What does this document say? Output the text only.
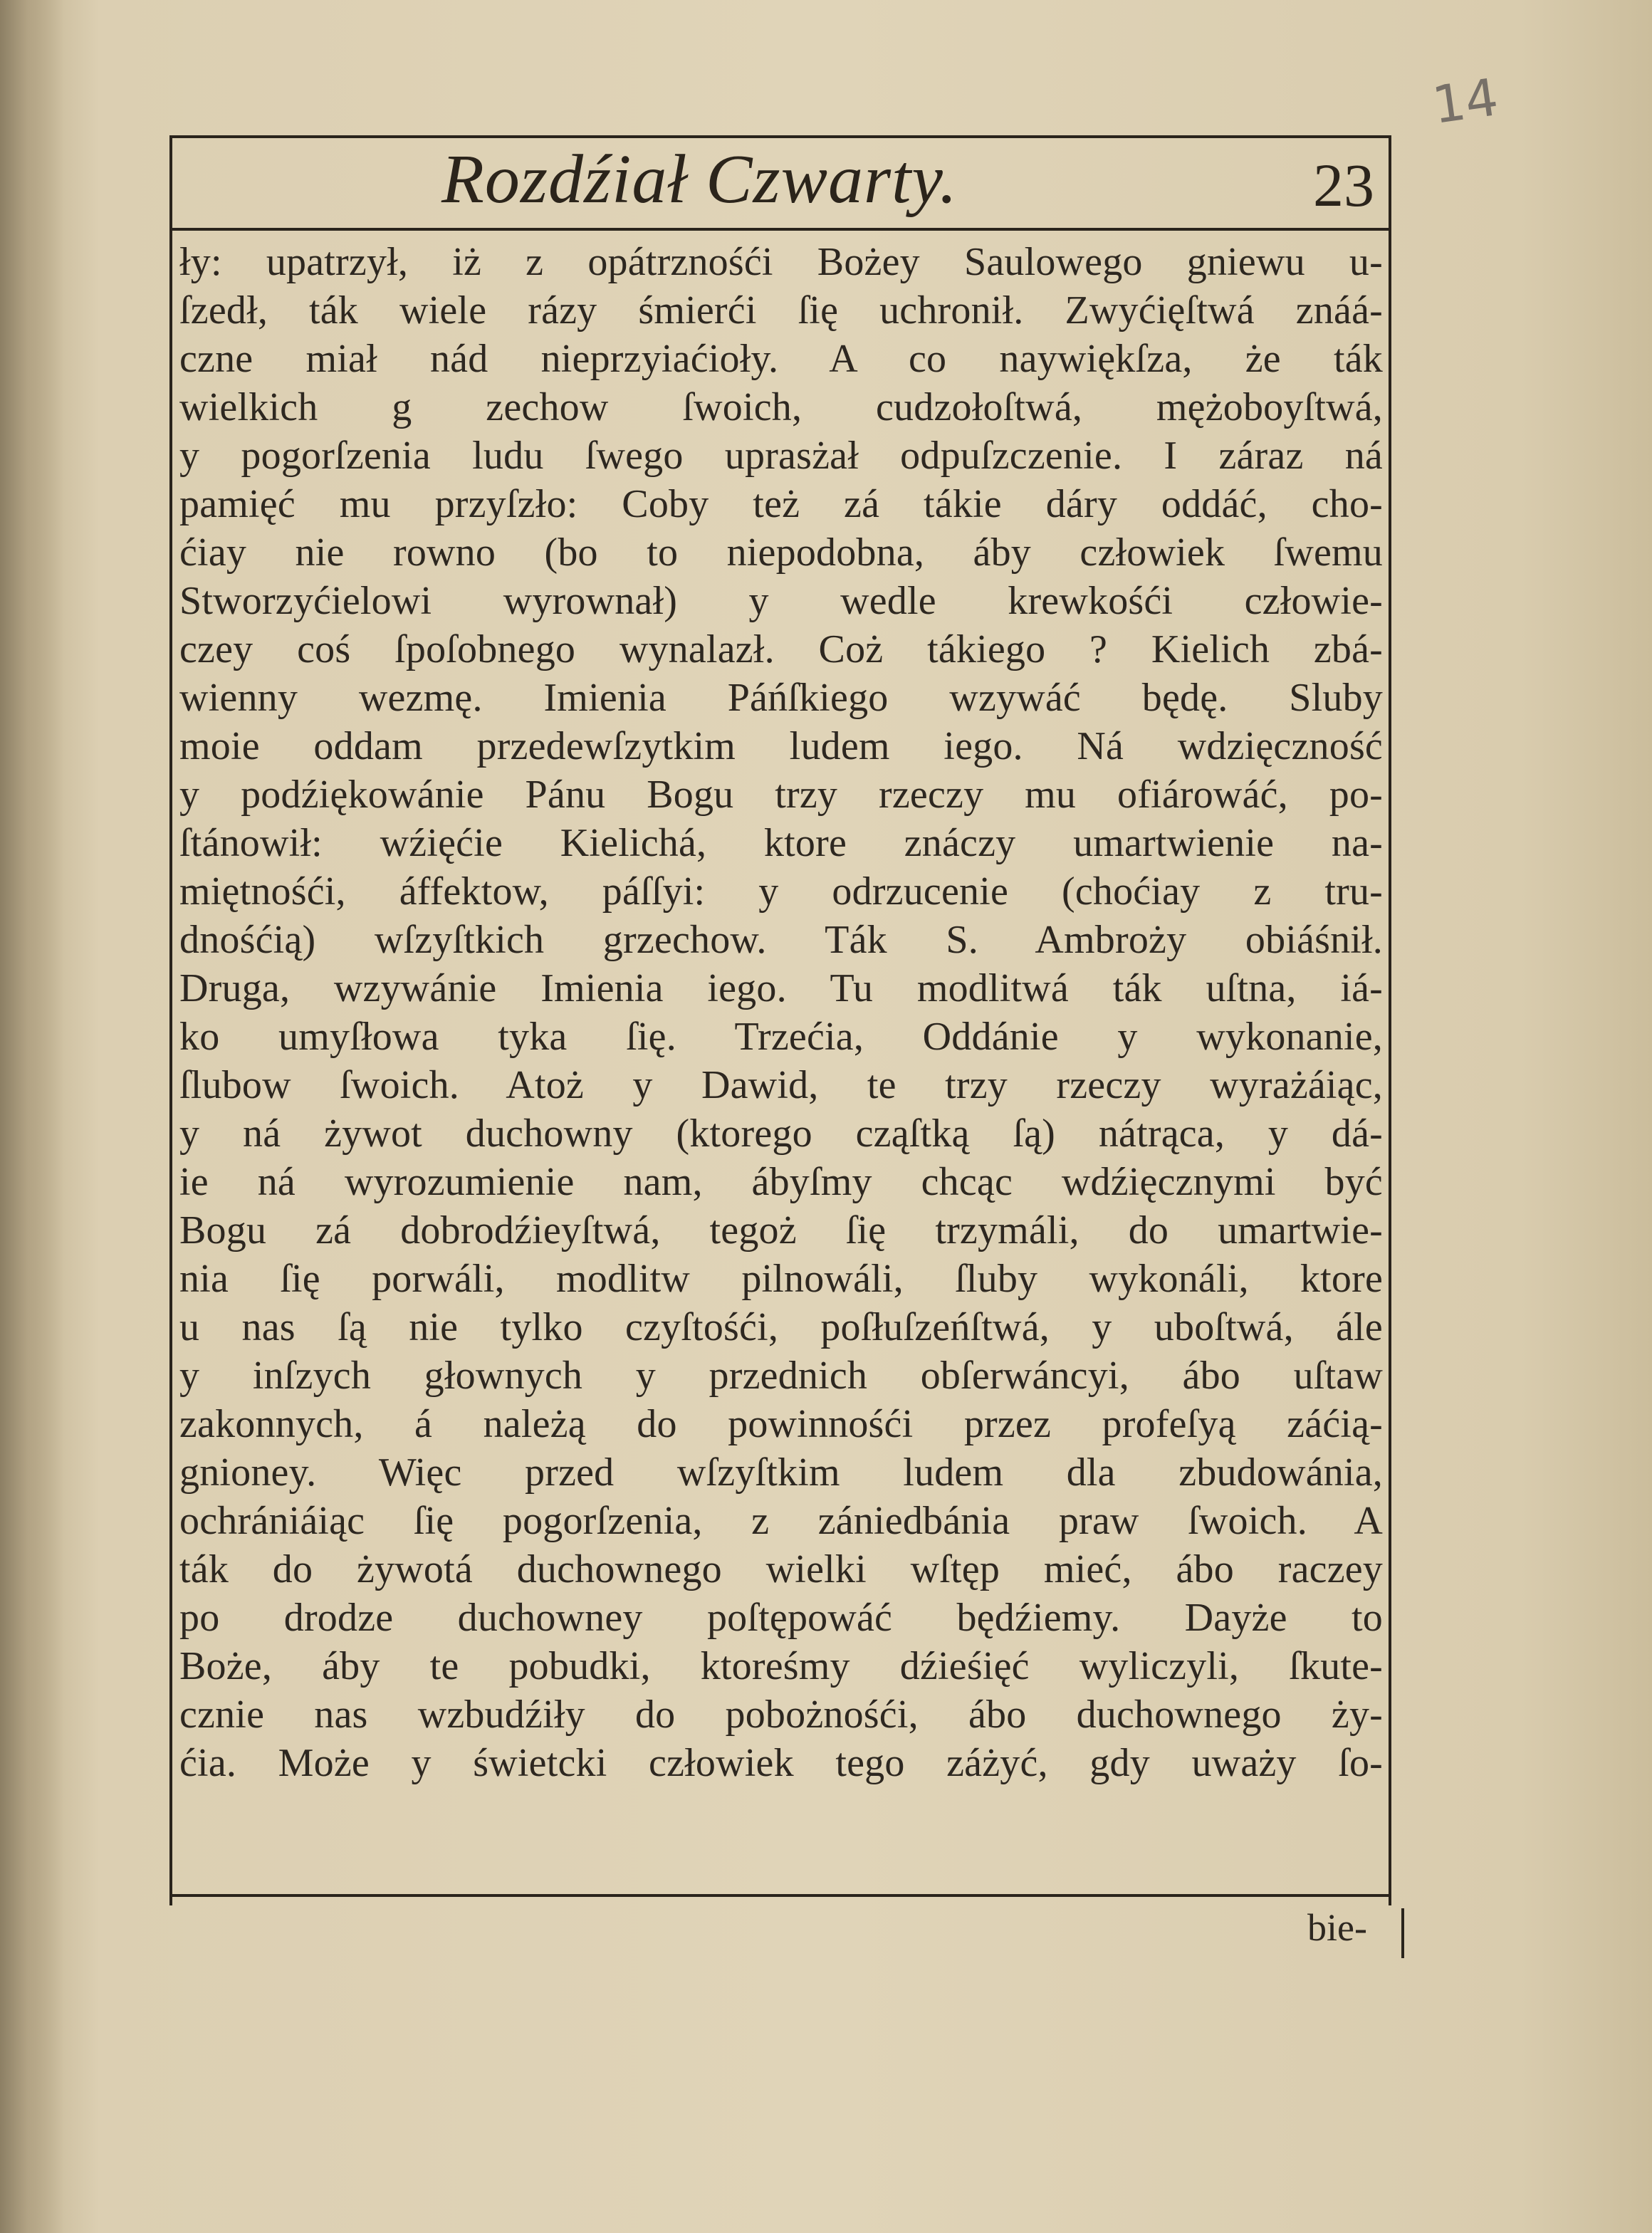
14
Rozdźiał Czwarty.	23
ły: upatrzył, iż z opátrznośći Bożey Saulowego gniewu u-
ſzedł, ták wiele rázy śmierći ſię uchronił. Zwyćięſtwá znáá-
czne miał nád nieprzyiaćioły. A co naywiękſza, że ták
wielkich g zechow ſwoich, cudzołoſtwá, mężoboyſtwá,
y pogorſzenia ludu ſwego uprasżał odpuſzczenie. I záraz ná
pamięć mu przyſzło: Coby też zá tákie dáry oddáć, cho-
ćiay nie rowno (bo to niepodobna, áby człowiek ſwemu
Stworzyćielowi wyrownał) y wedle krewkośći człowie-
czey coś ſpoſobnego wynalazł. Coż tákiego ? Kielich zbá-
wienny wezmę. Imienia Páńſkiego wzywáć będę. Sluby
moie oddam przedewſzytkim ludem iego. Ná wdzięczność
y podźiękowánie Pánu Bogu trzy rzeczy mu ofiárowáć, po-
ſtánowił: wźięćie Kielichá, ktore znáczy umartwienie na-
miętnośći, áffektow, páſſyi: y odrzucenie (choćiay z tru-
dnośćią) wſzyſtkich grzechow. Ták S. Ambroży obiáśnił.
Druga, wzywánie Imienia iego. Tu modlitwá ták uſtna, iá-
ko umyſłowa tyka ſię. Trzećia, Oddánie y wykonanie,
ſlubow ſwoich. Atoż y Dawid, te trzy rzeczy wyrażáiąc,
y ná żywot duchowny (ktorego cząſtką ſą) nátrąca, y dá-
ie ná wyrozumienie nam, ábyſmy chcąc wdźięcznymi być
Bogu zá dobrodźieyſtwá, tegoż ſię trzymáli, do umartwie-
nia ſię porwáli, modlitw pilnowáli, ſluby wykonáli, ktore
u nas ſą nie tylko czyſtośći, poſłuſzeńſtwá, y uboſtwá, ále
y inſzych głownych y przednich obſerwáncyi, ábo uſtaw
zakonnych, á należą do powinnośći przez profeſyą záćią-
gnioney. Więc przed wſzyſtkim ludem dla zbudowánia,
ochrániáiąc ſię pogorſzenia, z zániedbánia praw ſwoich. A
ták do żywotá duchownego wielki wſtęp mieć, ábo raczey
po drodze duchowney poſtępowáć będźiemy. Dayże to
Boże, áby te pobudki, ktoreśmy dźieśięć wyliczyli, ſkute-
cznie nas wzbudźiły do pobożnośći, ábo duchownego ży-
ćia. Może y świetcki człowiek tego záżyć, gdy uważy ſo-
bie-
